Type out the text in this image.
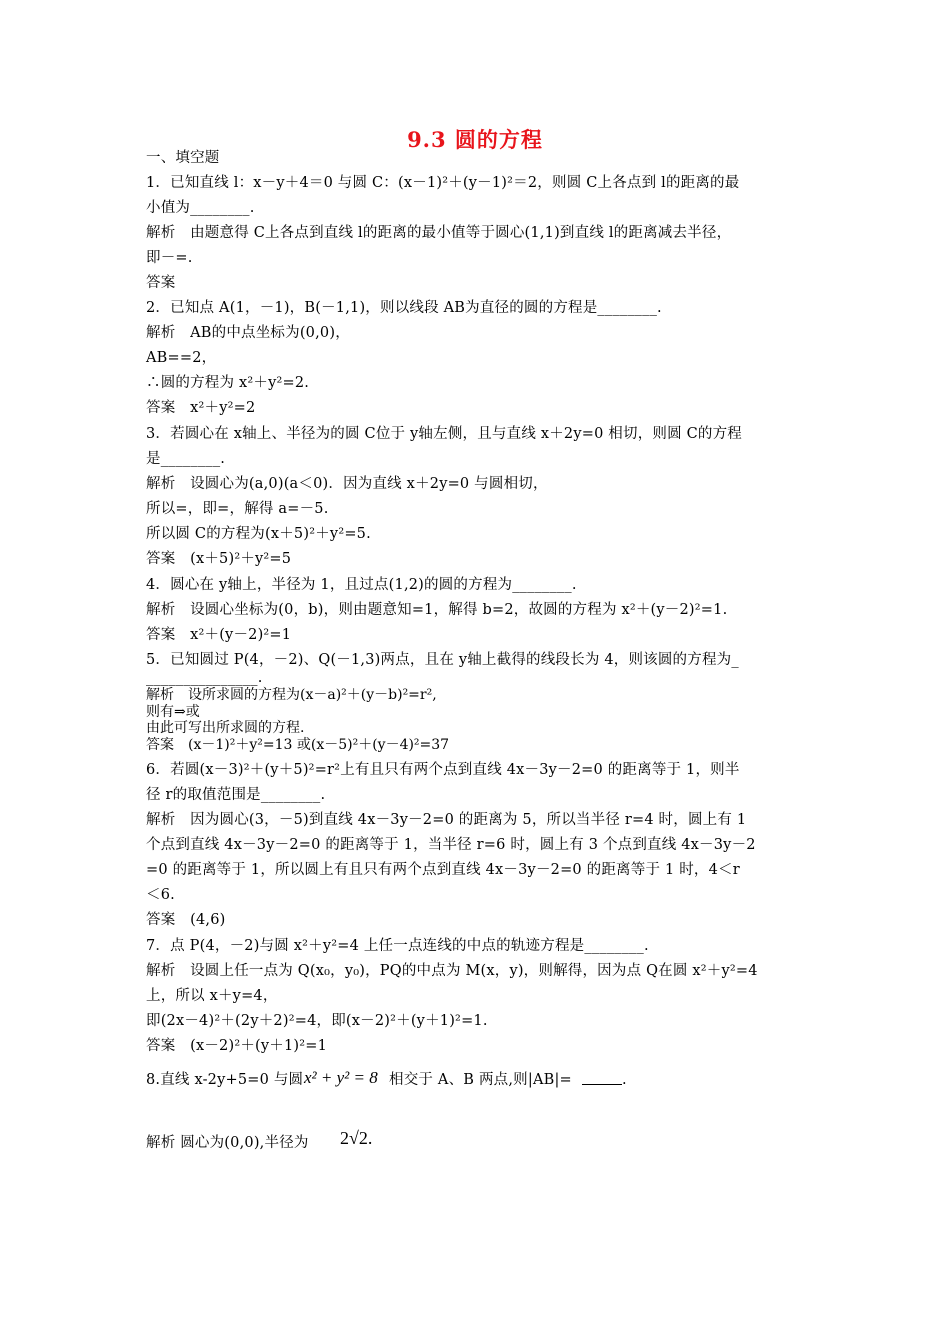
9.3 圆的方程
一、填空题
1．已知直线 l：x－y＋4＝0 与圆 C：(x－1)²＋(y－1)²＝2，则圆 C上各点到 l的距离的最
小值为________.
解析　由题意得 C上各点到直线 l的距离的最小值等于圆心(1,1)到直线 l的距离减去半径，
即－=.
答案
2．已知点 A(1，－1)，B(－1,1)，则以线段 AB为直径的圆的方程是________.
解析　AB的中点坐标为(0,0)，
AB==2，
∴圆的方程为 x²＋y²=2.
答案　x²＋y²=2
3．若圆心在 x轴上、半径为的圆 C位于 y轴左侧，且与直线 x＋2y=0 相切，则圆 C的方程
是________.
解析　设圆心为(a,0)(a＜0)．因为直线 x＋2y=0 与圆相切，
所以=，即=，解得 a=－5.
所以圆 C的方程为(x＋5)²＋y²=5.
答案　(x＋5)²＋y²=5
4．圆心在 y轴上，半径为 1，且过点(1,2)的圆的方程为________.
解析　设圆心坐标为(0，b)，则由题意知=1，解得 b=2，故圆的方程为 x²＋(y－2)²=1.
答案　x²＋(y－2)²=1
5．已知圆过 P(4，－2)、Q(－1,3)两点，且在 y轴上截得的线段长为 4，则该圆的方程为_
_______________.
解析　设所求圆的方程为(x－a)²＋(y－b)²=r²,
则有⇒或
由此可写出所求圆的方程.
答案　(x－1)²＋y²=13 或(x－5)²＋(y－4)²=37
6．若圆(x－3)²＋(y＋5)²=r²上有且只有两个点到直线 4x－3y－2=0 的距离等于 1，则半
径 r的取值范围是________.
解析　因为圆心(3，－5)到直线 4x－3y－2=0 的距离为 5，所以当半径 r=4 时，圆上有 1
个点到直线 4x－3y－2=0 的距离等于 1，当半径 r=6 时，圆上有 3 个点到直线 4x－3y－2
=0 的距离等于 1，所以圆上有且只有两个点到直线 4x－3y－2=0 的距离等于 1 时，4＜r
＜6.
答案　(4,6)
7．点 P(4，－2)与圆 x²＋y²=4 上任一点连线的中点的轨迹方程是________.
解析　设圆上任一点为 Q(x₀，y₀)，PQ的中点为 M(x，y)，则解得，因为点 Q在圆 x²＋y²=4
上，所以 x＋y=4，
即(2x－4)²＋(2y＋2)²=4，即(x－2)²＋(y＋1)²=1.
答案　(x－2)²＋(y＋1)²=1
8.直线 x-2y+5=0 与圆 x² + y² = 8 相交于 A、B 两点,则|AB|=	.
解析 圆心为(0,0),半径为	2√2.
